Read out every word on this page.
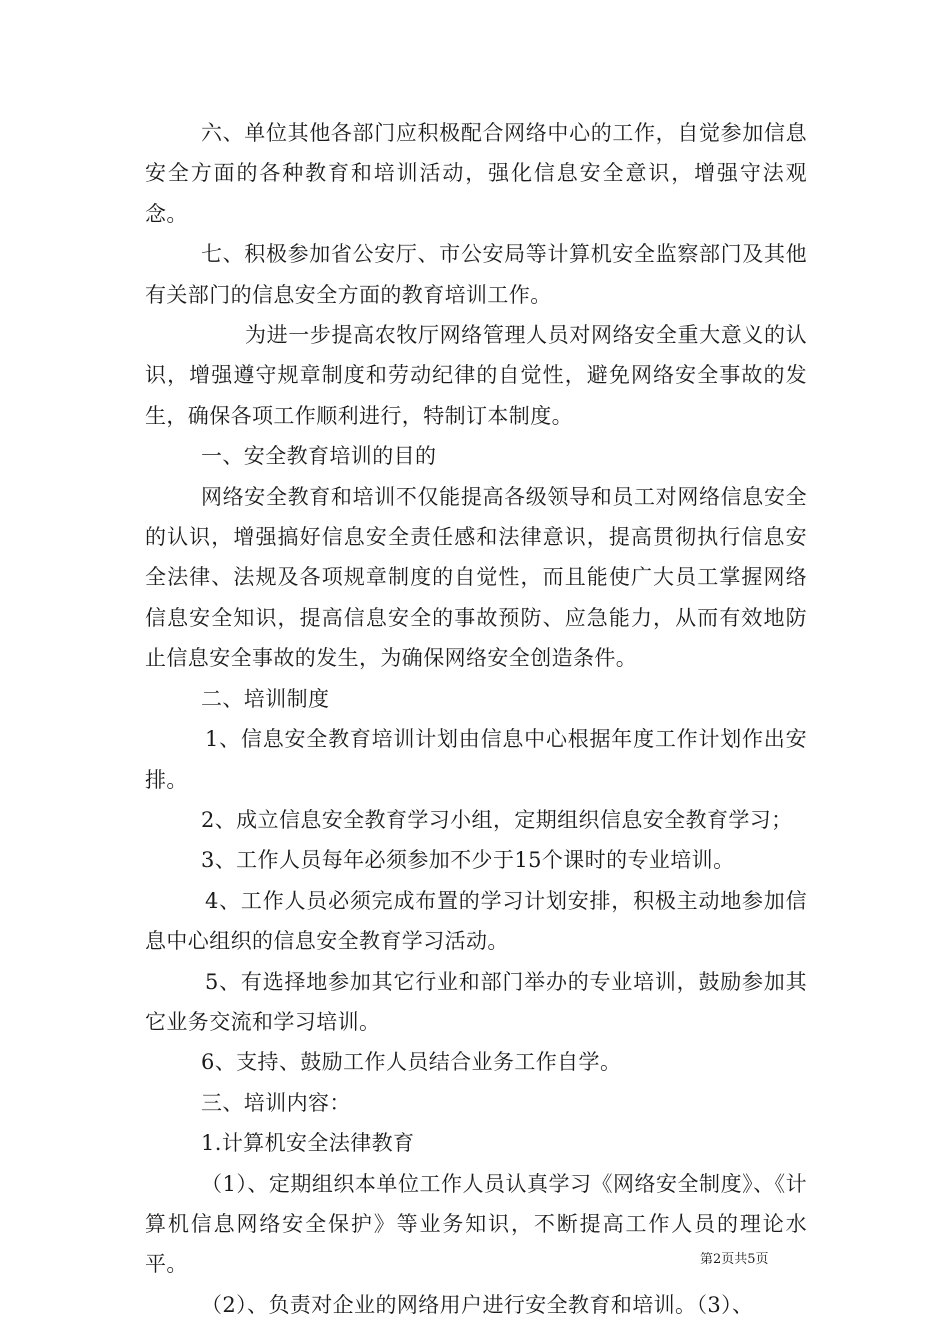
六、单位其他各部门应积极配合网络中心的工作，自觉参加信息安全方面的各种教育和培训活动，强化信息安全意识，增强守法观念。

七、积极参加省公安厅、市公安局等计算机安全监察部门及其他有关部门的信息安全方面的教育培训工作。

为进一步提高农牧厅网络管理人员对网络安全重大意义的认识，增强遵守规章制度和劳动纪律的自觉性，避免网络安全事故的发生，确保各项工作顺利进行，特制订本制度。

一、安全教育培训的目的

网络安全教育和培训不仅能提高各级领导和员工对网络信息安全的认识，增强搞好信息安全责任感和法律意识，提高贯彻执行信息安全法律、法规及各项规章制度的自觉性，而且能使广大员工掌握网络信息安全知识，提高信息安全的事故预防、应急能力，从而有效地防止信息安全事故的发生，为确保网络安全创造条件。

二、培训制度

1、信息安全教育培训计划由信息中心根据年度工作计划作出安排。

2、成立信息安全教育学习小组，定期组织信息安全教育学习；

3、工作人员每年必须参加不少于15个课时的专业培训。

4、工作人员必须完成布置的学习计划安排，积极主动地参加信息中心组织的信息安全教育学习活动。

5、有选择地参加其它行业和部门举办的专业培训，鼓励参加其它业务交流和学习培训。

6、支持、鼓励工作人员结合业务工作自学。

三、培训内容：

1.计算机安全法律教育

（1）、定期组织本单位工作人员认真学习《网络安全制度》、《计算机信息网络安全保护》等业务知识，不断提高工作人员的理论水平。

（2）、负责对企业的网络用户进行安全教育和培训。（3）、

第2页共5页
